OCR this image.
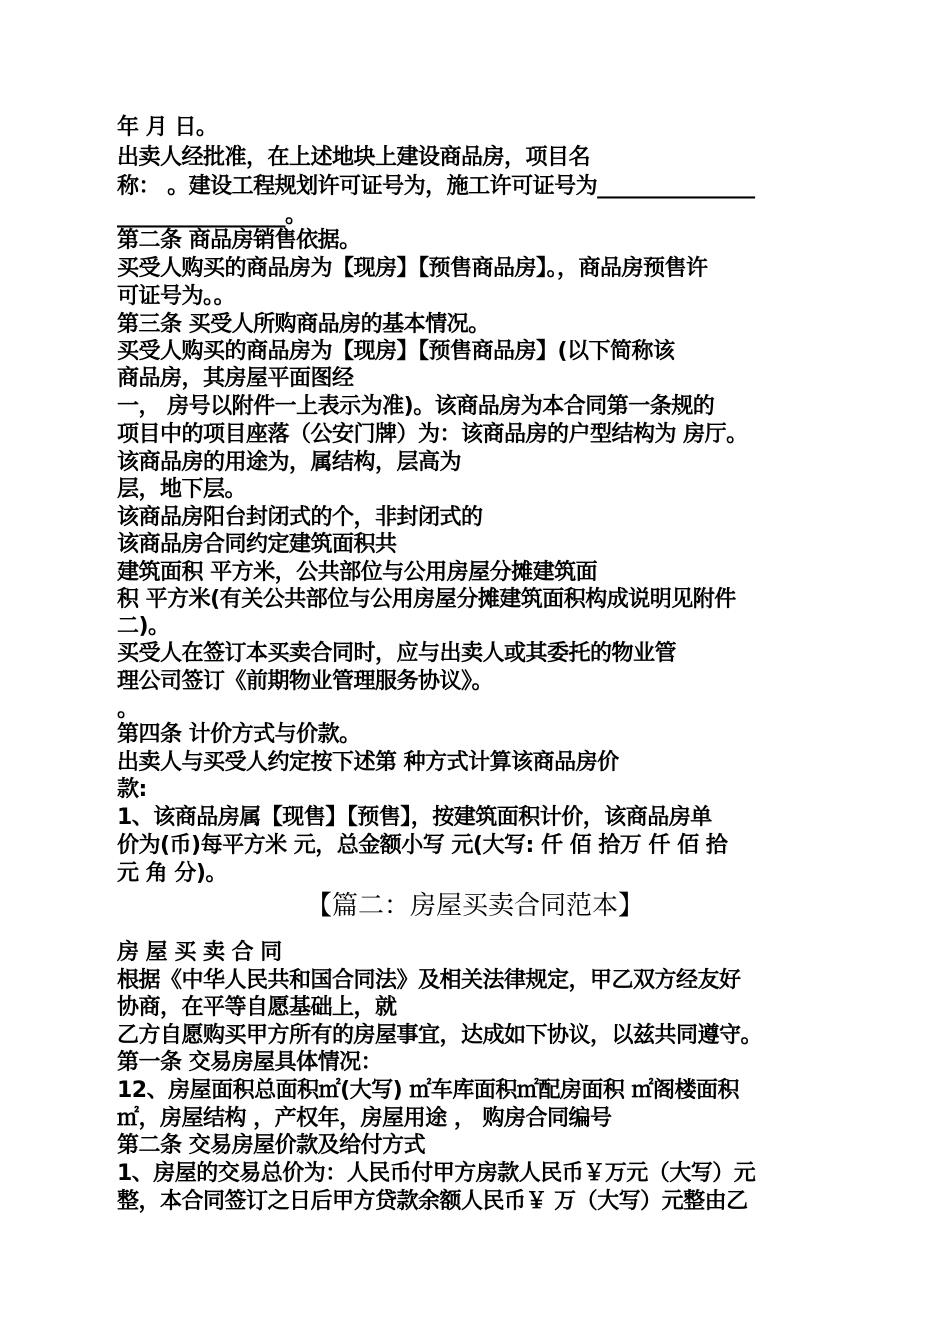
年 月 日。
出卖人经批准，在上述地块上建设商品房，项目名
称： 。建设工程规划许可证号为，施工许可证号为_______________
________________。
第二条 商品房销售依据。
买受人购买的商品房为【现房】【预售商品房】。，商品房预售许
可证号为。。
第三条 买受人所购商品房的基本情况。
买受人购买的商品房为【现房】【预售商品房】(以下简称该
商品房，其房屋平面图经
一， 房号以附件一上表示为准)。该商品房为本合同第一条规的
项目中的项目座落（公安门牌）为：该商品房的户型结构为 房厅。
该商品房的用途为，属结构，层高为
层，地下层。
该商品房阳台封闭式的个，非封闭式的
该商品房合同约定建筑面积共
建筑面积 平方米，公共部位与公用房屋分摊建筑面
积 平方米(有关公共部位与公用房屋分摊建筑面积构成说明见附件
二)。
买受人在签订本买卖合同时，应与出卖人或其委托的物业管
理公司签订《前期物业管理服务协议》。
。
第四条 计价方式与价款。
出卖人与买受人约定按下述第 种方式计算该商品房价
款:
1、该商品房属【现售】【预售】，按建筑面积计价，该商品房单
价为(币)每平方米 元，总金额小写 元(大写: 仟 佰 拾万 仟 佰 拾
元 角 分)。
【篇二：房屋买卖合同范本】
房 屋 买 卖 合 同
根据《中华人民共和国合同法》及相关法律规定，甲乙双方经友好
协商，在平等自愿基础上，就
乙方自愿购买甲方所有的房屋事宜，达成如下协议，以兹共同遵守。
第一条 交易房屋具体情况：
12、房屋面积总面积㎡(大写) ㎡车库面积㎡配房面积 ㎡阁楼面积
㎡，房屋结构 ，产权年，房屋用途 ， 购房合同编号
第二条 交易房屋价款及给付方式
1、房屋的交易总价为：人民币付甲方房款人民币￥万元（大写）元
整，本合同签订之日后甲方贷款余额人民币￥ 万（大写）元整由乙
